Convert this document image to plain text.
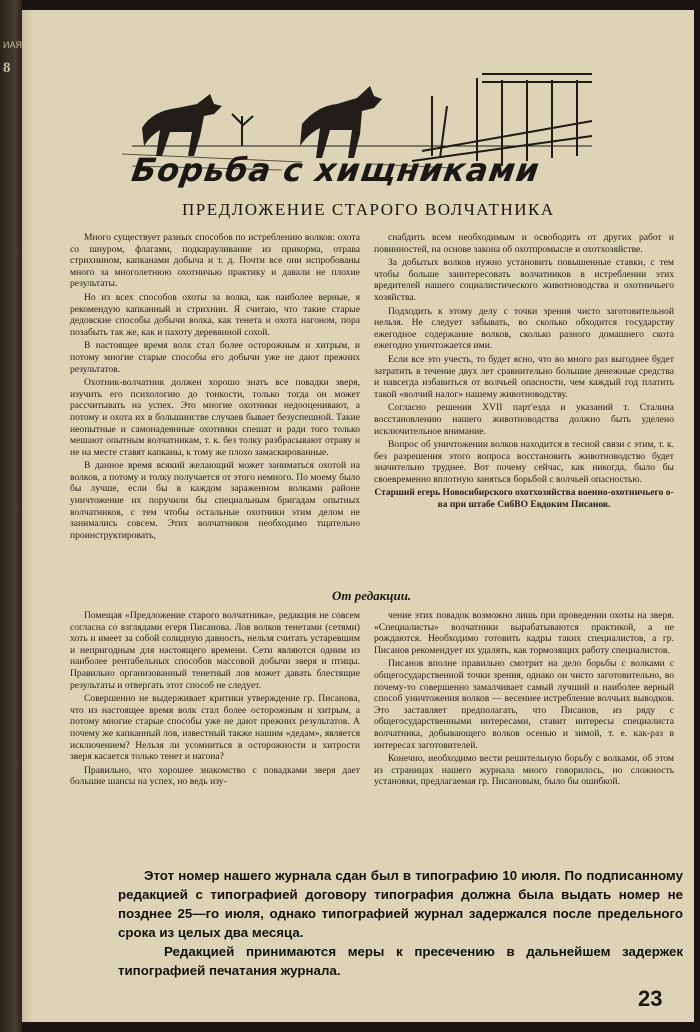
ИАЯ
8
Борьба с хищниками
ПРЕДЛОЖЕНИЕ СТАРОГО ВОЛЧАТНИКА

Много существует разных способов по истреблению волков: охота со шнуром, флагами, подкарауливание из прикорма, отрава стрихнином, капканами добыча и т. д. Почти все они испробованы много за многолетнюю охотничью практику и давали не плохие результаты.

Но из всех способов охоты за волка, как наиболее верные, я рекомендую капканный и стрихнин. Я считаю, что такие старые дедовские способы добычи волка, как тенета и охота нагоном, пора позабыть так же, как и пахоту деревянной сохой.

В настоящее время волк стал более осторожным и хитрым, и потому многие старые способы его добычи уже не дают прежних результатов.

Охотник-волчатник должен хорошо знать все повадки зверя, изучить его психологию до тонкости, только тогда он может рассчитывать на успех. Это многие охотники недооценивают, а потому и охота их в большинстве случаев бывает безуспешной. Такие неопытные и самонадеянные охотники спешат и ради того только мешают опытным волчатникам, т. к. без толку разбрасывают отраву и не на месте ставят капканы, к тому же плохо замаскированные.

В данное время всякий желающий может заниматься охотой на волков, а потому и толку получается от этого немного. По моему было бы лучше, если бы в каждом зараженном волками районе уничтожение их поручили бы специальным бригадам опытных волчатников, с тем чтобы остальные охотники этим делом не занимались совсем. Этих волчатников необходимо тщательно проинструктировать,

снабдить всем необходимым и освободить от других работ и повинностей, на основе закона об охотпромысле и охотхозяйстве.

За добытых волков нужно установить повышенные ставки, с тем чтобы больше заинтересовать волчатников в истреблении этих вредителей нашего социалистического животноводства и охотничьего хозяйства.

Подходить к этому делу с точки зрения чисто заготовительной нельзя. Не следует забывать, во сколько обходится государству ежегодное содержание волков, сколько разного домашнего скота ежегодно уничтожается ими.

Если все это учесть, то будет ясно, что во много раз выгоднее будет затратить в течение двух лет сравнительно большие денежные средства и навсегда избавиться от волчьей опасности, чем каждый год платить такой «волчий налог» нашему животноводству.

Согласно решения XVII парт'езда и указаний т. Сталина восстановлению нашего животноводства должно быть уделено исключительное внимание.

Вопрос об уничтожении волков находится в тесной связи с этим, т. к. без разрешения этого вопроса восстановить животноводство будет значительно труднее. Вот почему сейчас, как никогда, было бы своевременно вплотную заняться борьбой с волчьей опасностью.

Старший егерь Новосибирского охотхозяйства военно-охотничьего о-ва при штабе СибВО Евдоким Писанов.

От редакции.

Помещая «Предложение старого волчатника», редакция не совсем согласна со взглядами егеря Писанова. Лов волков тенетами (сетями) хоть и имеет за собой солидную давность, нельзя считать устаревшим и непригодным для настоящего времени. Сети являются одним из наиболее рентабельных способов массовой добычи зверя и птицы. Правильно организованный тенетный лов может давать блестящие результаты и отвергать этот способ не следует.

Совершенно не выдерживает критики утверждение гр. Писанова, что из настоящее время волк стал более осторожным и хитрым, а потому многие старые способы уже не дают прежних результатов. А почему же капканный лов, известный также нашим «дедам», является исключением? Нельзя ли усомниться в осторожности и хитрости зверя касается только тенет и нагона?

Правильно, что хорошее знакомство с повадками зверя дает большие шансы на успех, но ведь изу-

чение этих повадок возможно лишь при проведении охоты на зверя. «Специалисты» волчатники вырабатываются практикой, а не рождаются. Необходимо готовить кадры таких специалистов, а гр. Писанов рекомендует их удалять, как тормозящих работу специалистов.

Писанов вполне правильно смотрит на дело борьбы с волками с общегосударственной точки зрения, однако он чисто заготовительно, во почему-то совершенно замалчивает самый лучший и наиболее верный способ уничтожения волков — весеннее истребление волчьих выводков. Это заставляет предполагать, что Писанов, из ряду с общегосударственными интересами, ставит интересы специалиста волчатника, добывающего волков осенью и зимой, т. е. как-раз в интересах заготовителей.

Конечно, необходимо вести решительную борьбу с волками, об этом из страницах нашего журнала много говорилось, но сложность установки, предлагаемая гр. Писановым, было бы ошибкой.

Этот номер нашего журнала сдан был в типографию 10 июля. По подписанному редакцией с типографией договору типография должна была выдать номер не позднее 25—го июля, однако типографией журнал задержался после предельного срока из целых два месяца.

Редакцией принимаются меры к пресечению в дальнейшем задержек типографией печатания журнала.

23
